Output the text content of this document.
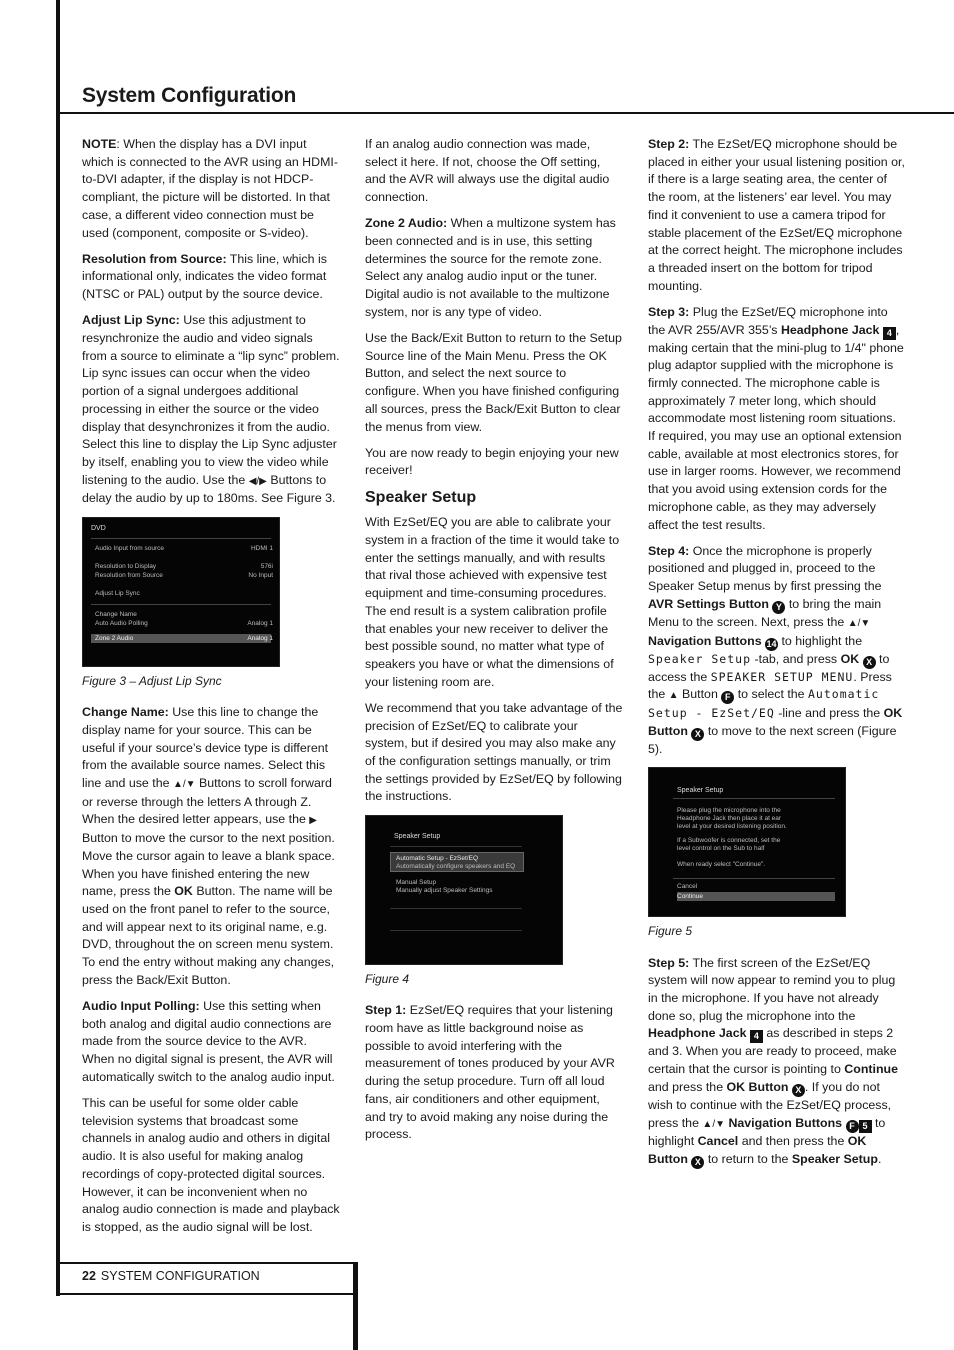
System Configuration

NOTE: When the display has a DVI input which is connected to the AVR using an HDMI-to-DVI adapter, if the display is not HDCP-compliant, the picture will be distorted. In that case, a different video connection must be used (component, composite or S-video).

Resolution from Source: This line, which is informational only, indicates the video format (NTSC or PAL) output by the source device.

Adjust Lip Sync: Use this adjustment to resynchronize the audio and video signals from a source to eliminate a “lip sync” problem. Lip sync issues can occur when the video portion of a signal undergoes additional processing in either the source or the video display that desynchronizes it from the audio. Select this line to display the Lip Sync adjuster by itself, enabling you to view the video while listening to the audio. Use the ◀/▶ Buttons to delay the audio by up to 180ms. See Figure 3.

DVD
Audio Input from source	HDMI 1
Resolution to Display	576i
Resolution from Source	No Input
Adjust Lip Sync
Change Name
Auto Audio Polling	Analog 1
Zone 2 Audio	Analog 1
Figure 3 – Adjust Lip Sync

Change Name: Use this line to change the display name for your source. This can be useful if your source’s device type is different from the available source names. Select this line and use the ▲/▼ Buttons to scroll forward or reverse through the letters A through Z. When the desired letter appears, use the ▶ Button to move the cursor to the next position. Move the cursor again to leave a blank space. When you have finished entering the new name, press the OK Button. The name will be used on the front panel to refer to the source, and will appear next to its original name, e.g. DVD, throughout the on screen menu system. To end the entry without making any changes, press the Back/Exit Button.

Audio Input Polling: Use this setting when both analog and digital audio connections are made from the source device to the AVR. When no digital signal is present, the AVR will automatically switch to the analog audio input.

This can be useful for some older cable television systems that broadcast some channels in analog audio and others in digital audio. It is also useful for making analog recordings of copy-protected digital sources. However, it can be inconvenient when no analog audio connection is made and playback is stopped, as the audio signal will be lost.

If an analog audio connection was made, select it here. If not, choose the Off setting, and the AVR will always use the digital audio connection.

Zone 2 Audio: When a multizone system has been connected and is in use, this setting determines the source for the remote zone. Select any analog audio input or the tuner. Digital audio is not available to the multizone system, nor is any type of video.

Use the Back/Exit Button to return to the Setup Source line of the Main Menu. Press the OK Button, and select the next source to configure. When you have finished configuring all sources, press the Back/Exit Button to clear the menus from view.

You are now ready to begin enjoying your new receiver!

Speaker Setup

With EzSet/EQ you are able to calibrate your system in a fraction of the time it would take to enter the settings manually, and with results that rival those achieved with expensive test equipment and time-consuming procedures. The end result is a system calibration profile that enables your new receiver to deliver the best possible sound, no matter what type of speakers you have or what the dimensions of your listening room are.

We recommend that you take advantage of the precision of EzSet/EQ to calibrate your system, but if desired you may also make any of the configuration settings manually, or trim the settings provided by EzSet/EQ by following the instructions.

Speaker Setup
Automatic Setup - EzSet/EQ
Automatically configure speakers and EQ
Manual Setup
Manually adjust Speaker Settings
Figure 4

Step 1: EzSet/EQ requires that your listening room have as little background noise as possible to avoid interfering with the measurement of tones produced by your AVR during the setup procedure. Turn off all loud fans, air conditioners and other equipment, and try to avoid making any noise during the process.

Step 2: The EzSet/EQ microphone should be placed in either your usual listening position or, if there is a large seating area, the center of the room, at the listeners’ ear level. You may find it convenient to use a camera tripod for stable placement of the EzSet/EQ microphone at the correct height. The microphone includes a threaded insert on the bottom for tripod mounting.

Step 3: Plug the EzSet/EQ microphone into the AVR 255/AVR 355’s Headphone Jack 4 , making certain that the mini-plug to 1/4" phone plug adaptor supplied with the microphone is firmly connected. The microphone cable is approximately 7 meter long, which should accommodate most listening room situations. If required, you may use an optional extension cable, available at most electronics stores, for use in larger rooms. However, we recommend that you avoid using extension cords for the microphone cable, as they may adversely affect the test results.

Step 4: Once the microphone is properly positioned and plugged in, proceed to the Speaker Setup menus by first pressing the AVR Settings Button Y to bring the main Menu to the screen. Next, press the ▲/▼ Navigation Buttons 14 to highlight the Speaker Setup -tab, and press OK X to access the SPEAKER SETUP MENU. Press the ▲ Button F to select the Automatic Setup - EzSet/EQ -line and press the OK Button X to move to the next screen (Figure 5).

Speaker Setup
Please plug the microphone into the
Headphone Jack then place it at ear
level at your desired listening position.
If a Subwoofer is connected, set the
level control on the Sub to half
When ready select "Continue".
Cancel
Continue
Figure 5

Step 5: The first screen of the EzSet/EQ system will now appear to remind you to plug in the microphone. If you have not already done so, plug the microphone into the Headphone Jack 4 as described in steps 2 and 3. When you are ready to proceed, make certain that the cursor is pointing to Continue and press the OK Button X . If you do not wish to continue with the EzSet/EQ process, press the ▲/▼ Navigation Buttons F 5 to highlight Cancel and then press the OK Button X to return to the Speaker Setup.

22 SYSTEM CONFIGURATION
